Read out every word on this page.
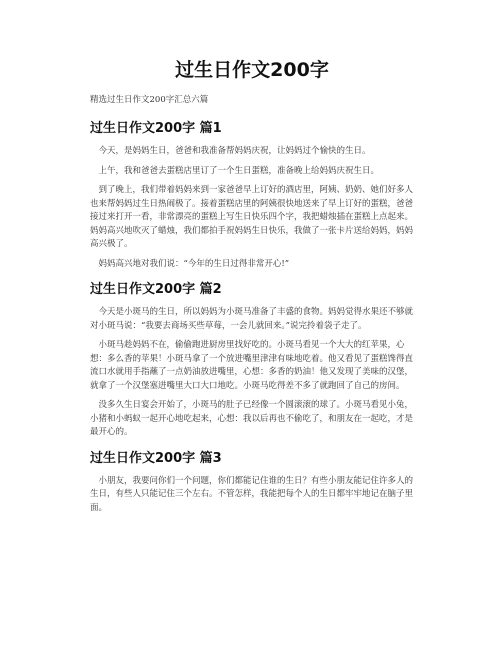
过生日作文200字

精选过生日作文200字汇总六篇

过生日作文200字 篇1

今天，是妈妈生日，爸爸和我准备帮妈妈庆祝，让妈妈过个愉快的生日。

上午，我和爸爸去蛋糕店里订了一个生日蛋糕，准备晚上给妈妈庆祝生日。

到了晚上，我们带着妈妈来到一家爸爸早上订好的酒店里，阿姨、奶奶、她们好多人也来帮妈妈过生日热闹极了。接着蛋糕店里的阿姨很快地送来了早上订好的蛋糕，爸爸接过来打开一看，非常漂亮的蛋糕上写生日快乐四个字，我把蜡烛插在蛋糕上点起来。妈妈高兴地吹灭了蜡烛，我们都拍手祝妈妈生日快乐，我做了一张卡片送给妈妈，妈妈高兴极了。

妈妈高兴地对我们说：“今年的生日过得非常开心!”

过生日作文200字 篇2

今天是小斑马的生日，所以妈妈为小斑马准备了丰盛的食物。妈妈觉得水果还不够就对小斑马说：“我要去商场买些草莓，一会儿就回来。”说完拎着袋子走了。

小斑马趁妈妈不在，偷偷跑进厨房里找好吃的。小斑马看见一个大大的红苹果，心想：多么香的苹果！小斑马拿了一个放进嘴里津津有味地吃着。他又看见了蛋糕馋得直流口水就用手指蘸了一点奶油放进嘴里，心想：多香的奶油！他又发现了美味的汉堡，就拿了一个汉堡塞进嘴里大口大口地吃。小斑马吃得差不多了就跑回了自己的房间。

没多久生日宴会开始了，小斑马的肚子已经像一个圆滚滚的球了。小斑马看见小兔，小猪和小蚂蚁一起开心地吃起来，心想：我以后再也不偷吃了，和朋友在一起吃，才是最开心的。

过生日作文200字 篇3

小朋友，我要问你们一个问题，你们都能记住谁的生日？有些小朋友能记住许多人的生日，有些人只能记住三个左右。不管怎样，我能把每个人的生日都牢牢地记在脑子里面。
